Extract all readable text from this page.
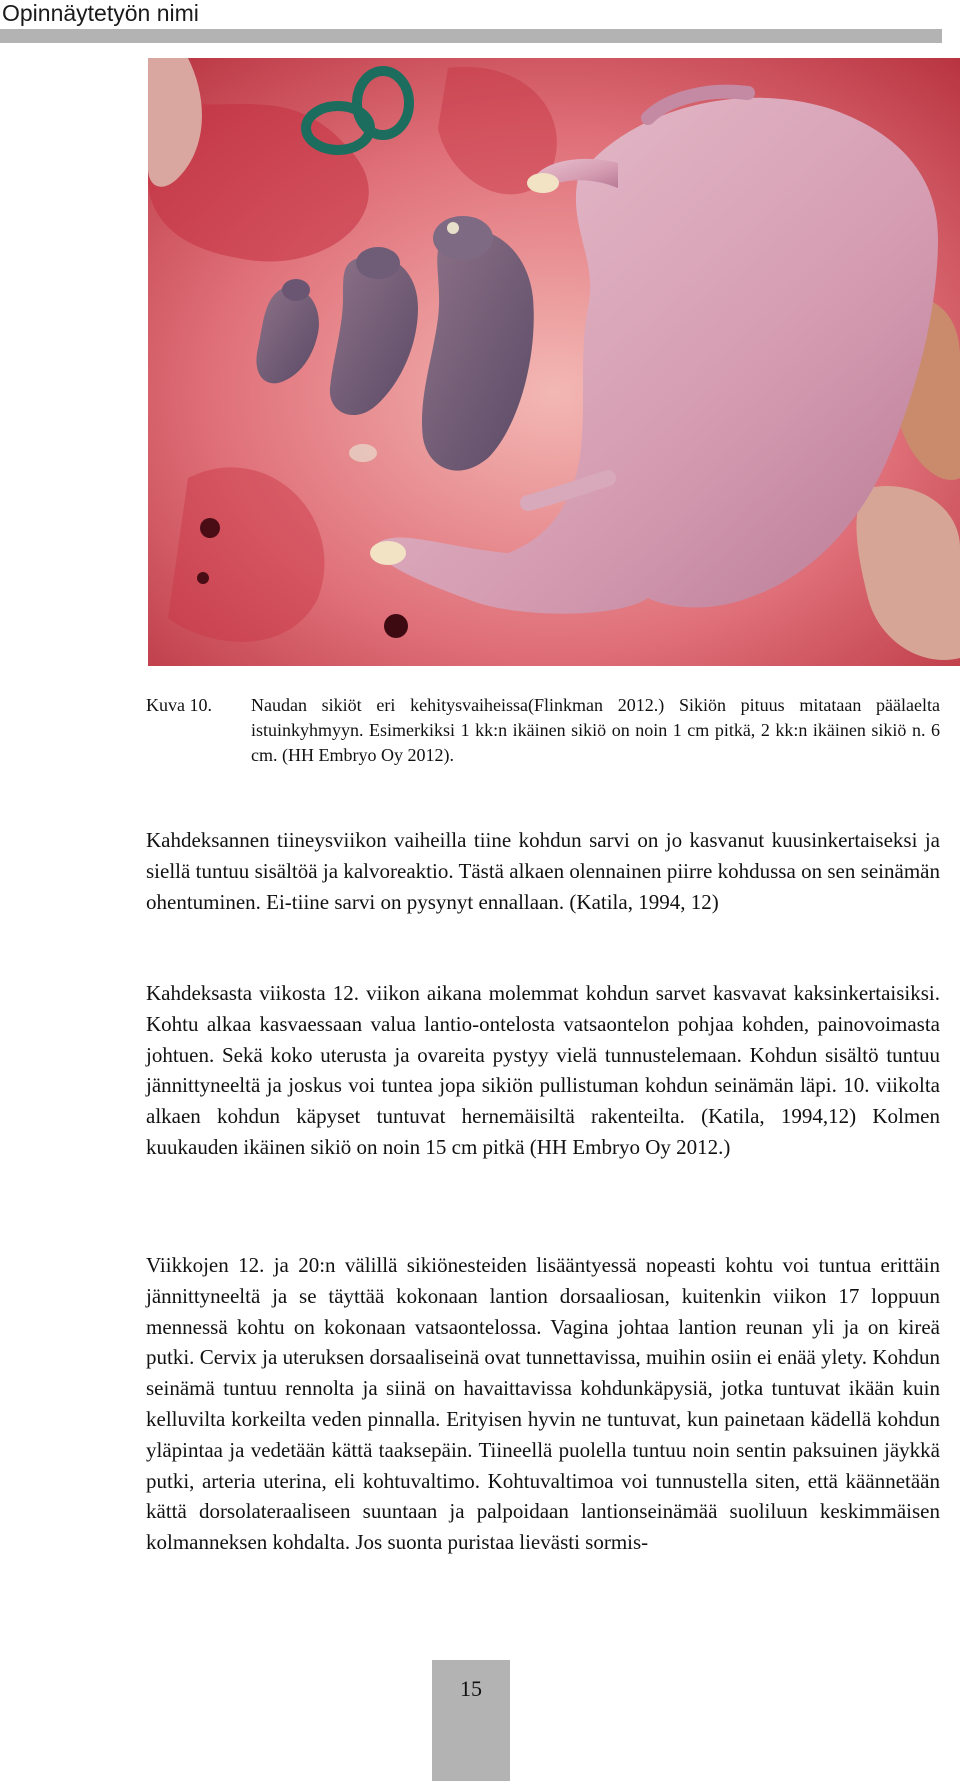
Opinnäytetyön nimi
Kuva 10. Naudan sikiöt eri kehitysvaiheissa(Flinkman 2012.) Sikiön pituus mitataan päälaelta istuinkyhmyyn. Esimerkiksi 1 kk:n ikäinen sikiö on noin 1 cm pitkä, 2 kk:n ikäinen sikiö n. 6 cm. (HH Embryo Oy 2012).

Kahdeksannen tiineysviikon vaiheilla tiine kohdun sarvi on jo kasvanut kuusinkertaiseksi ja siellä tuntuu sisältöä ja kalvoreaktio. Tästä alkaen olennainen piirre kohdussa on sen seinämän ohentuminen. Ei-tiine sarvi on pysynyt ennallaan. (Katila, 1994, 12)

Kahdeksasta viikosta 12. viikon aikana molemmat kohdun sarvet kasvavat kaksinkertaisiksi. Kohtu alkaa kasvaessaan valua lantio-ontelosta vatsaontelon pohjaa kohden, painovoimasta johtuen. Sekä koko uterusta ja ovareita pystyy vielä tunnustelemaan. Kohdun sisältö tuntuu jännittyneeltä ja joskus voi tuntea jopa sikiön pullistuman kohdun seinämän läpi. 10. viikolta alkaen kohdun käpyset tuntuvat hernemäisiltä rakenteilta. (Katila, 1994,12) Kolmen kuukauden ikäinen sikiö on noin 15 cm pitkä (HH Embryo Oy 2012.)

Viikkojen 12. ja 20:n välillä sikiönesteiden lisääntyessä nopeasti kohtu voi tuntua erittäin jännittyneeltä ja se täyttää kokonaan lantion dorsaaliosan, kuitenkin viikon 17 loppuun mennessä kohtu on kokonaan vatsaontelossa. Vagina johtaa lantion reunan yli ja on kireä putki. Cervix ja uteruksen dorsaaliseinä ovat tunnettavissa, muihin osiin ei enää ylety. Kohdun seinämä tuntuu rennolta ja siinä on havaittavissa kohdunkäpysiä, jotka tuntuvat ikään kuin kelluvilta korkeilta veden pinnalla. Erityisen hyvin ne tuntuvat, kun painetaan kädellä kohdun yläpintaa ja vedetään kättä taaksepäin. Tiineellä puolella tuntuu noin sentin paksuinen jäykkä putki, arteria uterina, eli kohtuvaltimo. Kohtuvaltimoa voi tunnustella siten, että käännetään kättä dorsolateraaliseen suuntaan ja palpoidaan lantionseinämää suoliluun keskimmäisen kolmanneksen kohdalta. Jos suonta puristaa lievästi sormis-

15
